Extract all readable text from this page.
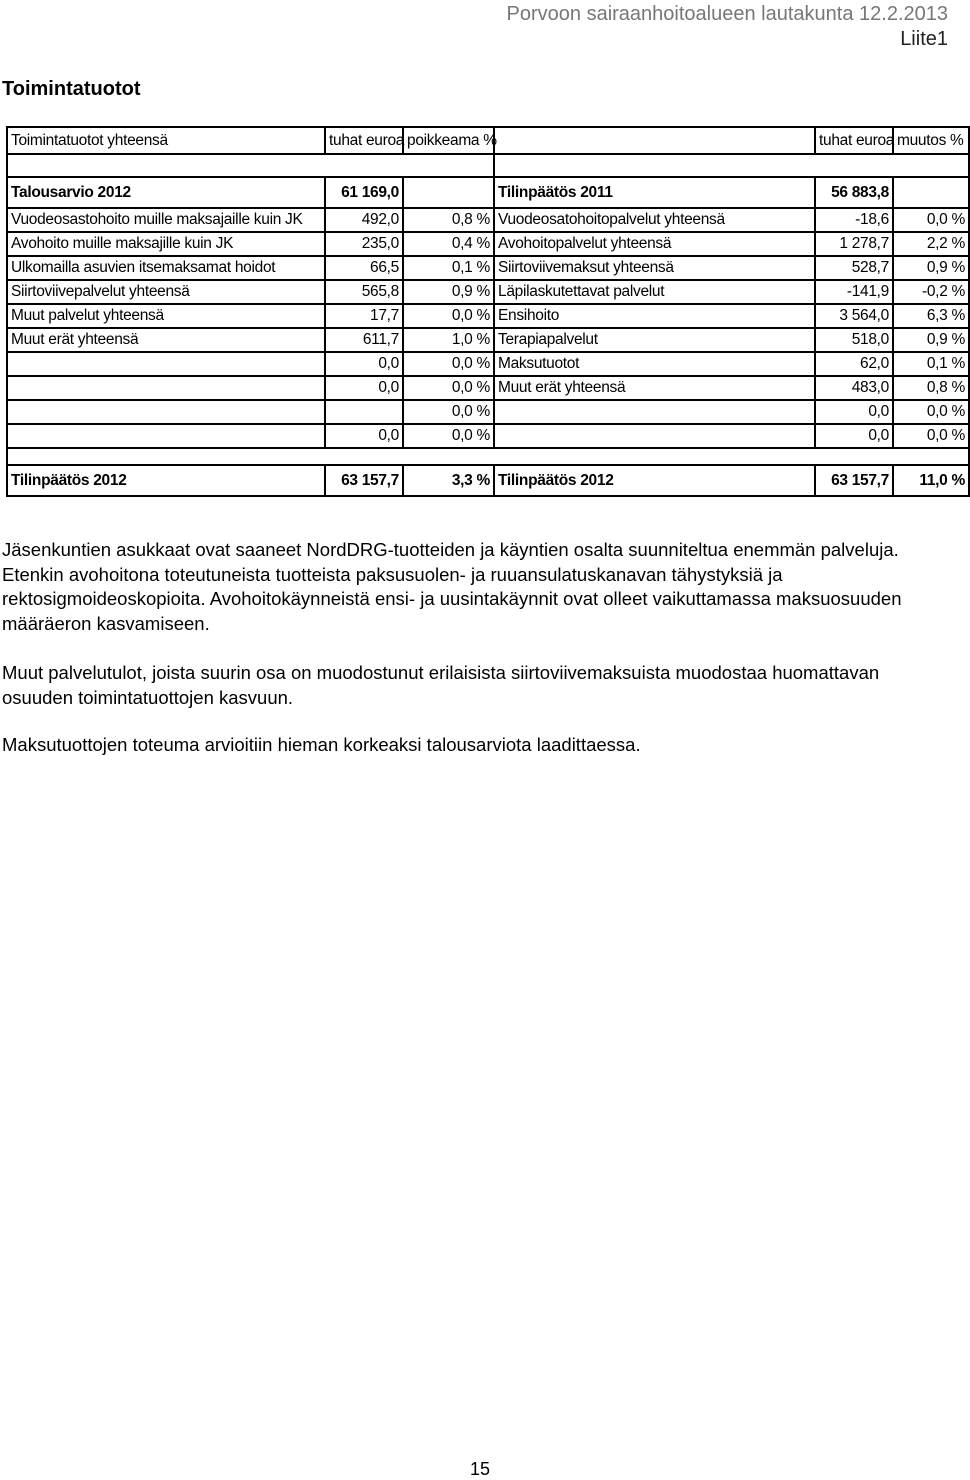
Porvoon sairaanhoitoalueen lautakunta 12.2.2013
Liite1
Toimintatuotot
Toimintatuotot yhteensä	tuhat euroa	poikkeama %		tuhat euroa	muutos %

Talousarvio 2012	61 169,0		Tilinpäätös 2011	56 883,8	
Vuodeosastohoito muille maksajaille kuin JK	492,0	0,8 %	Vuodeosatohoitopalvelut yhteensä	-18,6	0,0 %
Avohoito muille maksajille kuin JK	235,0	0,4 %	Avohoitopalvelut yhteensä	1 278,7	2,2 %
Ulkomailla asuvien itsemaksamat hoidot	66,5	0,1 %	Siirtoviivemaksut yhteensä	528,7	0,9 %
Siirtoviivepalvelut yhteensä	565,8	0,9 %	Läpilaskutettavat palvelut	-141,9	-0,2 %
Muut palvelut yhteensä	17,7	0,0 %	Ensihoito	3 564,0	6,3 %
Muut erät yhteensä	611,7	1,0 %	Terapiapalvelut	518,0	0,9 %
	0,0	0,0 %	Maksutuotot	62,0	0,1 %
	0,0	0,0 %	Muut erät yhteensä	483,0	0,8 %
		0,0 %		0,0	0,0 %
	0,0	0,0 %		0,0	0,0 %

Tilinpäätös 2012	63 157,7	3,3 %	Tilinpäätös 2012	63 157,7	11,0 %

Jäsenkuntien asukkaat ovat saaneet NordDRG-tuotteiden ja käyntien osalta suunniteltua enemmän palveluja. Etenkin avohoitona toteutuneista tuotteista paksusuolen- ja ruuansulatuskanavan tähystyksiä ja rektosigmoideoskopioita. Avohoitokäynneistä ensi- ja uusintakäynnit ovat olleet vaikuttamassa maksuosuuden määräeron kasvamiseen.

Muut palvelutulot, joista suurin osa on muodostunut erilaisista siirtoviivemaksuista muodostaa huomattavan osuuden toimintatuottojen kasvuun.

Maksutuottojen toteuma arvioitiin hieman korkeaksi talousarviota laadittaessa.

15
